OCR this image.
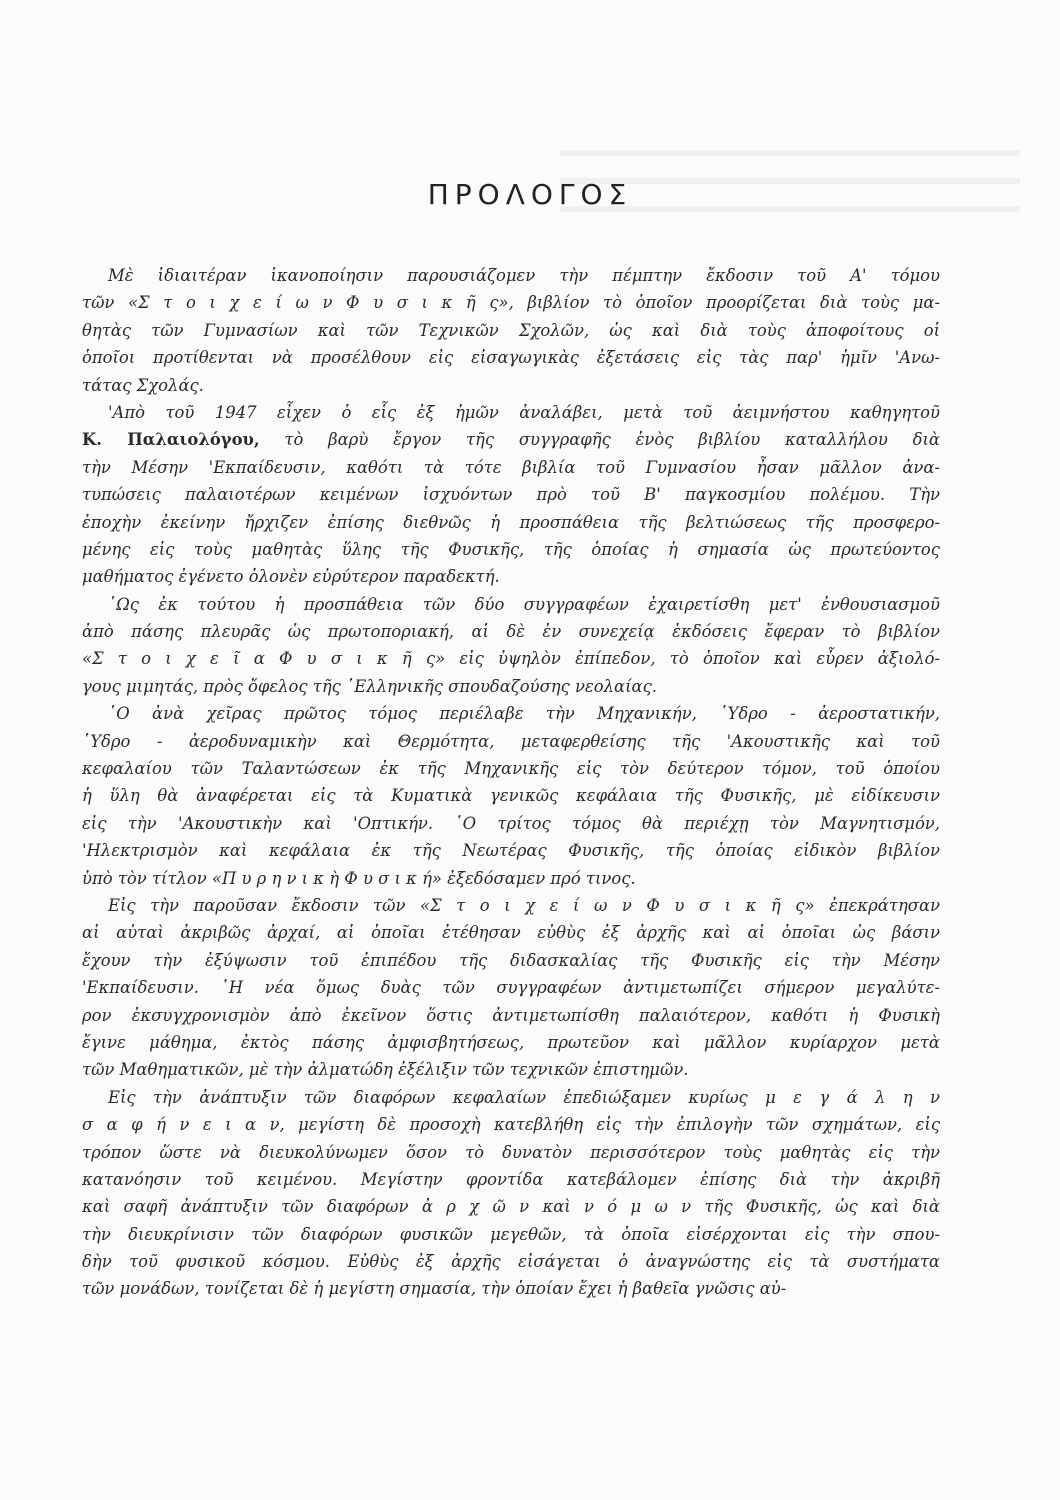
ΠΡΟΛΟΓΟΣ
Μὲ ἰδιαιτέραν ἱκανοποίησιν παρουσιάζομεν τὴν πέμπτην ἔκδοσιν τοῦ Α' τόμου
τῶν «Σ τ ο ι χ ε ί ω ν Φ υ σ ι κ ῆ ς», βιβλίον τὸ ὁποῖον προορίζεται διὰ τοὺς μα-
θητὰς τῶν Γυμνασίων καὶ τῶν Τεχνικῶν Σχολῶν, ὡς καὶ διὰ τοὺς ἀποφοίτους οἱ
ὁποῖοι προτίθενται νὰ προσέλθουν εἰς εἰσαγωγικὰς ἐξετάσεις εἰς τὰς παρ' ἡμῖν 'Ανω-
τάτας Σχολάς.
'Απὸ τοῦ 1947 εἶχεν ὁ εἷς ἐξ ἡμῶν ἀναλάβει, μετὰ τοῦ ἀειμνήστου καθηγητοῦ
Κ. Παλαιολόγου, τὸ βαρὺ ἔργον τῆς συγγραφῆς ἑνὸς βιβλίου καταλλήλου διὰ
τὴν Μέσην 'Εκπαίδευσιν, καθότι τὰ τότε βιβλία τοῦ Γυμνασίου ἦσαν μᾶλλον ἀνα-
τυπώσεις παλαιοτέρων κειμένων ἰσχυόντων πρὸ τοῦ Β' παγκοσμίου πολέμου. Τὴν
ἐποχὴν ἐκείνην ἤρχιζεν ἐπίσης διεθνῶς ἡ προσπάθεια τῆς βελτιώσεως τῆς προσφερο-
μένης εἰς τοὺς μαθητὰς ὕλης τῆς Φυσικῆς, τῆς ὁποίας ἡ σημασία ὡς πρωτεύοντος
μαθήματος ἐγένετο ὁλονὲν εὐρύτερον παραδεκτή.
῾Ως ἐκ τούτου ἡ προσπάθεια τῶν δύο συγγραφέων ἐχαιρετίσθη μετ' ἐνθουσιασμοῦ
ἀπὸ πάσης πλευρᾶς ὡς πρωτοποριακή, αἱ δὲ ἐν συνεχείᾳ ἐκδόσεις ἔφεραν τὸ βιβλίον
«Σ τ ο ι χ ε ῖ α Φ υ σ ι κ ῆ ς» εἰς ὑψηλὸν ἐπίπεδον, τὸ ὁποῖον καὶ εὗρεν ἀξιολό-
γους μιμητάς, πρὸς ὄφελος τῆς ῾Ελληνικῆς σπουδαζούσης νεολαίας.
῾Ο ἀνὰ χεῖρας πρῶτος τόμος περιέλαβε τὴν Μηχανικήν, ῾Υδρο - ἀεροστατικήν,
῾Υδρο - ἀεροδυναμικὴν καὶ Θερμότητα, μεταφερθείσης τῆς 'Ακουστικῆς καὶ τοῦ
κεφαλαίου τῶν Ταλαντώσεων ἐκ τῆς Μηχανικῆς εἰς τὸν δεύτερον τόμον, τοῦ ὁποίου
ἡ ὕλη θὰ ἀναφέρεται εἰς τὰ Κυματικὰ γενικῶς κεφάλαια τῆς Φυσικῆς, μὲ εἰδίκευσιν
εἰς τὴν 'Ακουστικὴν καὶ 'Οπτικήν. ῾Ο τρίτος τόμος θὰ περιέχῃ τὸν Μαγνητισμόν,
'Ηλεκτρισμὸν καὶ κεφάλαια ἐκ τῆς Νεωτέρας Φυσικῆς, τῆς ὁποίας εἰδικὸν βιβλίον
ὑπὸ τὸν τίτλον «Π υ ρ η ν ι κ ὴ Φ υ σ ι κ ή» ἐξεδόσαμεν πρό τινος.
Εἰς τὴν παροῦσαν ἔκδοσιν τῶν «Σ τ ο ι χ ε ί ω ν Φ υ σ ι κ ῆ ς» ἐπεκράτησαν
αἱ αὐταὶ ἀκριβῶς ἀρχαί, αἱ ὁποῖαι ἐτέθησαν εὐθὺς ἐξ ἀρχῆς καὶ αἱ ὁποῖαι ὡς βάσιν
ἔχουν τὴν ἐξύψωσιν τοῦ ἐπιπέδου τῆς διδασκαλίας τῆς Φυσικῆς εἰς τὴν Μέσην
'Εκπαίδευσιν. ῾Η νέα ὅμως δυὰς τῶν συγγραφέων ἀντιμετωπίζει σήμερον μεγαλύτε-
ρον ἐκσυγχρονισμὸν ἀπὸ ἐκεῖνον ὅστις ἀντιμετωπίσθη παλαιότερον, καθότι ἡ Φυσικὴ
ἔγινε μάθημα, ἐκτὸς πάσης ἀμφισβητήσεως, πρωτεῦον καὶ μᾶλλον κυρίαρχον μετὰ
τῶν Μαθηματικῶν, μὲ τὴν ἀλματώδη ἐξέλιξιν τῶν τεχνικῶν ἐπιστημῶν.
Εἰς τὴν ἀνάπτυξιν τῶν διαφόρων κεφαλαίων ἐπεδιώξαμεν κυρίως μ ε γ ά λ η ν
σ α φ ή ν ε ι α ν, μεγίστη δὲ προσοχὴ κατεβλήθη εἰς τὴν ἐπιλογὴν τῶν σχημάτων, εἰς
τρόπον ὥστε νὰ διευκολύνωμεν ὅσον τὸ δυνατὸν περισσότερον τοὺς μαθητὰς εἰς τὴν
κατανόησιν τοῦ κειμένου. Μεγίστην φροντίδα κατεβάλομεν ἐπίσης διὰ τὴν ἀκριβῆ
καὶ σαφῆ ἀνάπτυξιν τῶν διαφόρων ἀ ρ χ ῶ ν καὶ ν ό μ ω ν τῆς Φυσικῆς, ὡς καὶ διὰ
τὴν διευκρίνισιν τῶν διαφόρων φυσικῶν μεγεθῶν, τὰ ὁποῖα εἰσέρχονται εἰς τὴν σπου-
δὴν τοῦ φυσικοῦ κόσμου. Εὐθὺς ἐξ ἀρχῆς εἰσάγεται ὁ ἀναγνώστης εἰς τὰ συστήματα
τῶν μονάδων, τονίζεται δὲ ἡ μεγίστη σημασία, τὴν ὁποίαν ἔχει ἡ βαθεῖα γνῶσις αὐ-
